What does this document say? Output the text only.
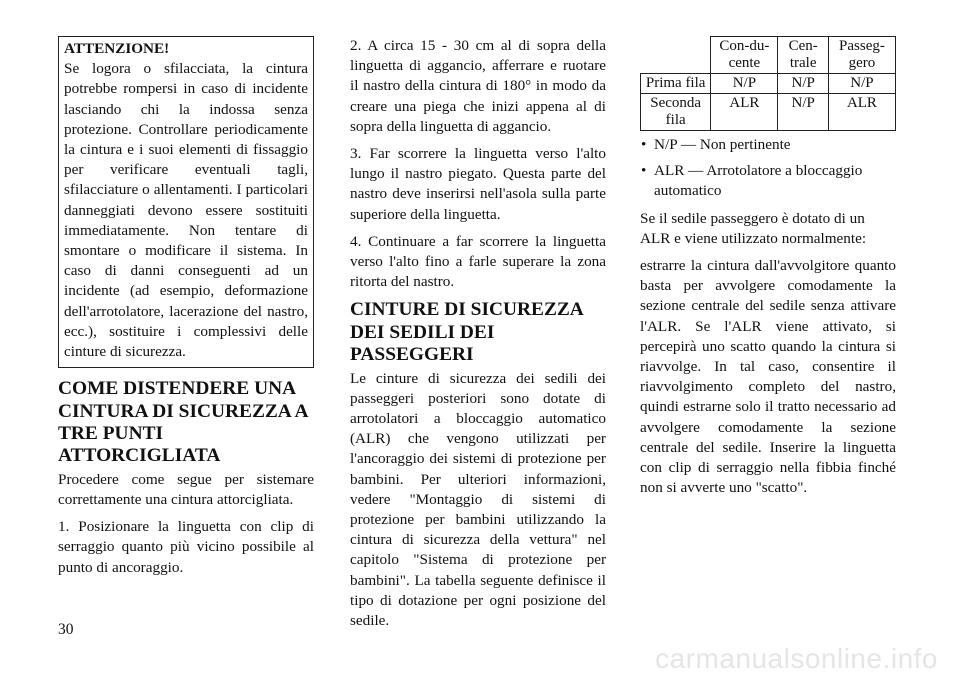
ATTENZIONE!

Se logora o sfilacciata, la cintura potrebbe rompersi in caso di incidente lasciando chi la indossa senza protezione. Controllare periodicamente la cintura e i suoi elementi di fissaggio per verificare eventuali tagli, sfilacciature o allentamenti. I particolari danneggiati devono essere sostituiti immediatamente. Non tentare di smontare o modificare il sistema. In caso di danni conseguenti ad un incidente (ad esempio, deformazione dell'arrotolatore, lacerazione del nastro, ecc.), sostituire i complessivi delle cinture di sicurezza.

COME DISTENDERE UNA CINTURA DI SICUREZZA A TRE PUNTI ATTORCIGLIATA

Procedere come segue per sistemare correttamente una cintura attorcigliata.

1. Posizionare la linguetta con clip di serraggio quanto più vicino possibile al punto di ancoraggio.

2. A circa 15 - 30 cm al di sopra della linguetta di aggancio, afferrare e ruotare il nastro della cintura di 180° in modo da creare una piega che inizi appena al di sopra della linguetta di aggancio.

3. Far scorrere la linguetta verso l'alto lungo il nastro piegato. Questa parte del nastro deve inserirsi nell'asola sulla parte superiore della linguetta.

4. Continuare a far scorrere la linguetta verso l'alto fino a farle superare la zona ritorta del nastro.

CINTURE DI SICUREZZA DEI SEDILI DEI PASSEGGERI

Le cinture di sicurezza dei sedili dei passeggeri posteriori sono dotate di arrotolatori a bloccaggio automatico (ALR) che vengono utilizzati per l'ancoraggio dei sistemi di protezione per bambini. Per ulteriori informazioni, vedere "Montaggio di sistemi di protezione per bambini utilizzando la cintura di sicurezza della vettura" nel capitolo "Sistema di protezione per bambini". La tabella seguente definisce il tipo di dotazione per ogni posizione del sedile.

	Con-du-cente	Cen-trale	Passeg-gero
Prima fila	N/P	N/P	N/P
Seconda fila	ALR	N/P	ALR
• N/P — Non pertinente
• ALR — Arrotolatore a bloccaggio automatico

Se il sedile passeggero è dotato di un ALR e viene utilizzato normalmente:

estrarre la cintura dall'avvolgitore quanto basta per avvolgere comodamente la sezione centrale del sedile senza attivare l'ALR. Se l'ALR viene attivato, si percepirà uno scatto quando la cintura si riavvolge. In tal caso, consentire il riavvolgimento completo del nastro, quindi estrarne solo il tratto necessario ad avvolgere comodamente la sezione centrale del sedile. Inserire la linguetta con clip di serraggio nella fibbia finché non si avverte uno "scatto".

30
carmanualsonline.info
